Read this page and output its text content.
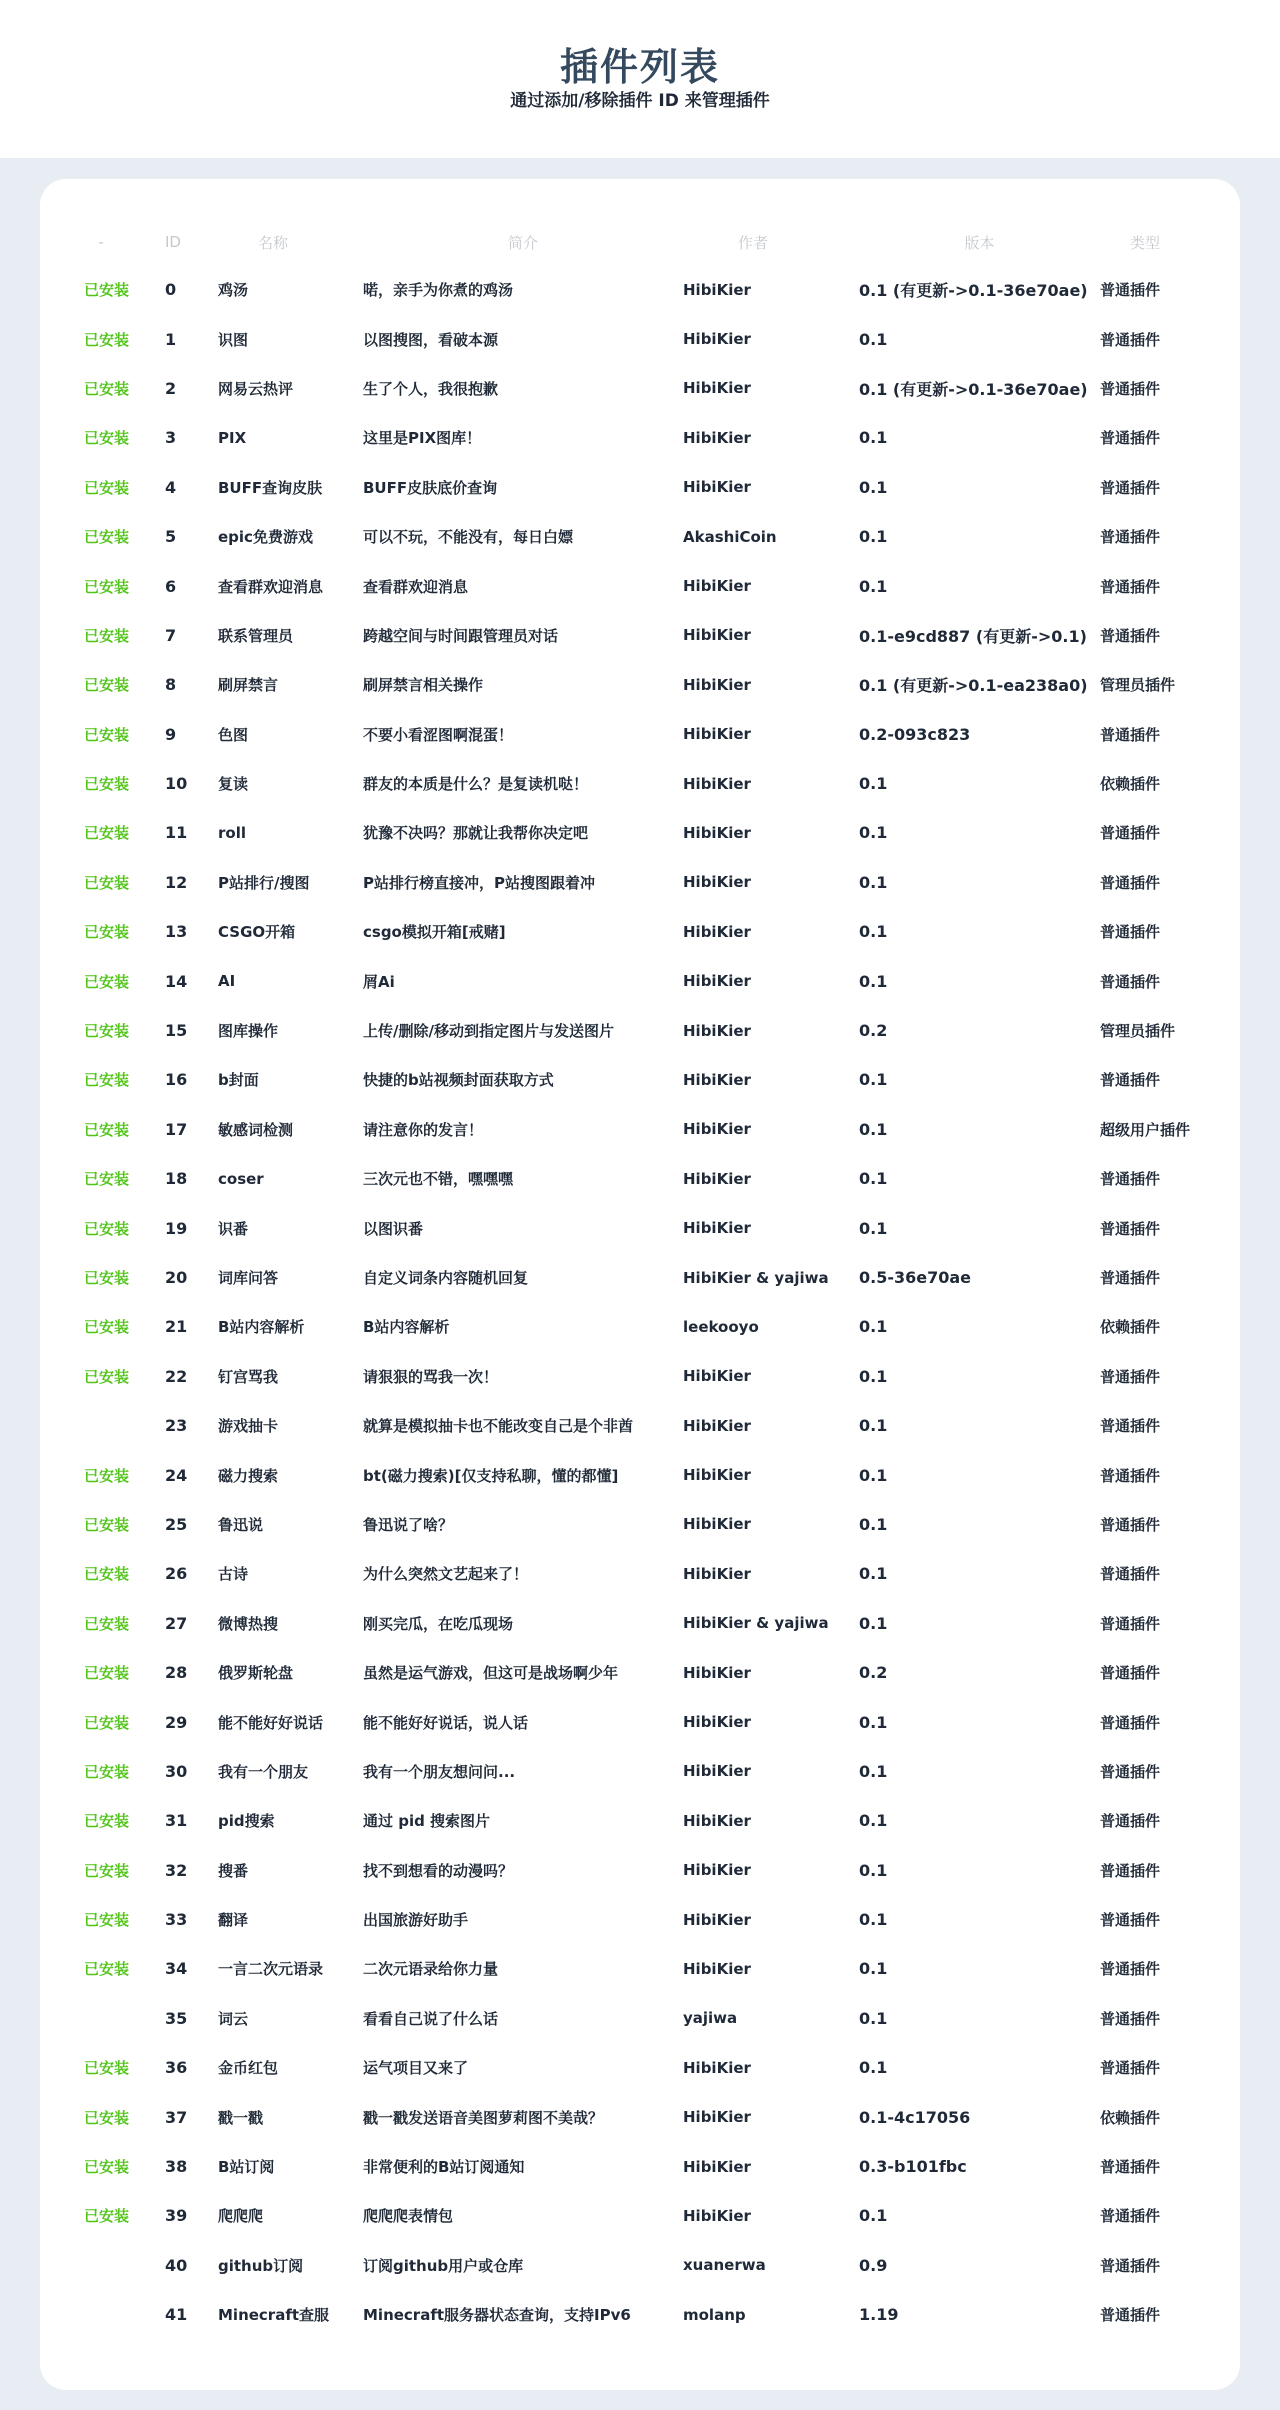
插件列表
通过添加/移除插件 ID 来管理插件
-	ID	名称	简介	作者	版本	类型
已安装	0	鸡汤	喏，亲手为你煮的鸡汤	HibiKier	0.1 (有更新->0.1-36e70ae)	普通插件
已安装	1	识图	以图搜图，看破本源	HibiKier	0.1	普通插件
已安装	2	网易云热评	生了个人，我很抱歉	HibiKier	0.1 (有更新->0.1-36e70ae)	普通插件
已安装	3	PIX	这里是PIX图库！	HibiKier	0.1	普通插件
已安装	4	BUFF查询皮肤	BUFF皮肤底价查询	HibiKier	0.1	普通插件
已安装	5	epic免费游戏	可以不玩，不能没有，每日白嫖	AkashiCoin	0.1	普通插件
已安装	6	查看群欢迎消息	查看群欢迎消息	HibiKier	0.1	普通插件
已安装	7	联系管理员	跨越空间与时间跟管理员对话	HibiKier	0.1-e9cd887 (有更新->0.1)	普通插件
已安装	8	刷屏禁言	刷屏禁言相关操作	HibiKier	0.1 (有更新->0.1-ea238a0)	管理员插件
已安装	9	色图	不要小看涩图啊混蛋！	HibiKier	0.2-093c823	普通插件
已安装	10	复读	群友的本质是什么？是复读机哒！	HibiKier	0.1	依赖插件
已安装	11	roll	犹豫不决吗？那就让我帮你决定吧	HibiKier	0.1	普通插件
已安装	12	P站排行/搜图	P站排行榜直接冲，P站搜图跟着冲	HibiKier	0.1	普通插件
已安装	13	CSGO开箱	csgo模拟开箱[戒赌]	HibiKier	0.1	普通插件
已安装	14	AI	屑Ai	HibiKier	0.1	普通插件
已安装	15	图库操作	上传/删除/移动到指定图片与发送图片	HibiKier	0.2	管理员插件
已安装	16	b封面	快捷的b站视频封面获取方式	HibiKier	0.1	普通插件
已安装	17	敏感词检测	请注意你的发言！	HibiKier	0.1	超级用户插件
已安装	18	coser	三次元也不错，嘿嘿嘿	HibiKier	0.1	普通插件
已安装	19	识番	以图识番	HibiKier	0.1	普通插件
已安装	20	词库问答	自定义词条内容随机回复	HibiKier & yajiwa	0.5-36e70ae	普通插件
已安装	21	B站内容解析	B站内容解析	leekooyo	0.1	依赖插件
已安装	22	钉宫骂我	请狠狠的骂我一次！	HibiKier	0.1	普通插件
	23	游戏抽卡	就算是模拟抽卡也不能改变自己是个非酋	HibiKier	0.1	普通插件
已安装	24	磁力搜索	bt(磁力搜索)[仅支持私聊，懂的都懂]	HibiKier	0.1	普通插件
已安装	25	鲁迅说	鲁迅说了啥？	HibiKier	0.1	普通插件
已安装	26	古诗	为什么突然文艺起来了！	HibiKier	0.1	普通插件
已安装	27	微博热搜	刚买完瓜，在吃瓜现场	HibiKier & yajiwa	0.1	普通插件
已安装	28	俄罗斯轮盘	虽然是运气游戏，但这可是战场啊少年	HibiKier	0.2	普通插件
已安装	29	能不能好好说话	能不能好好说话，说人话	HibiKier	0.1	普通插件
已安装	30	我有一个朋友	我有一个朋友想问问...	HibiKier	0.1	普通插件
已安装	31	pid搜索	通过 pid 搜索图片	HibiKier	0.1	普通插件
已安装	32	搜番	找不到想看的动漫吗？	HibiKier	0.1	普通插件
已安装	33	翻译	出国旅游好助手	HibiKier	0.1	普通插件
已安装	34	一言二次元语录	二次元语录给你力量	HibiKier	0.1	普通插件
	35	词云	看看自己说了什么话	yajiwa	0.1	普通插件
已安装	36	金币红包	运气项目又来了	HibiKier	0.1	普通插件
已安装	37	戳一戳	戳一戳发送语音美图萝莉图不美哉？	HibiKier	0.1-4c17056	依赖插件
已安装	38	B站订阅	非常便利的B站订阅通知	HibiKier	0.3-b101fbc	普通插件
已安装	39	爬爬爬	爬爬爬表情包	HibiKier	0.1	普通插件
	40	github订阅	订阅github用户或仓库	xuanerwa	0.9	普通插件
	41	Minecraft查服	Minecraft服务器状态查询，支持IPv6	molanp	1.19	普通插件
